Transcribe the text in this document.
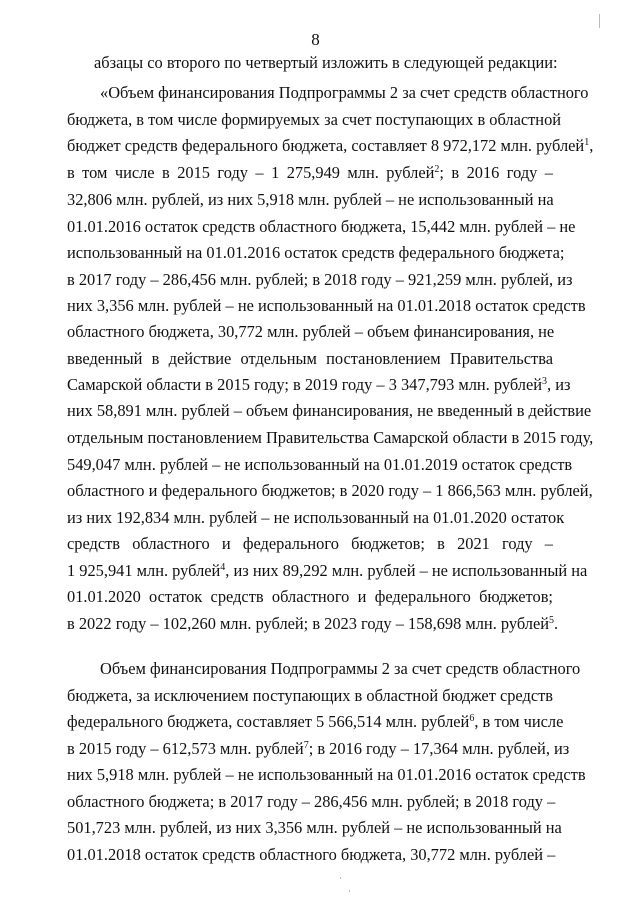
8
абзацы со второго по четвертый изложить в следующей редакции:
«Объем финансирования Подпрограммы 2 за счет средств областного
бюджета, в том числе формируемых за счет поступающих в областной
бюджет средств федерального бюджета, составляет 8 972,172 млн. рублей$^1$,
в том числе в 2015 году – 1 275,949 млн. рублей$^2$; в 2016 году –
32,806 млн. рублей, из них 5,918 млн. рублей – не использованный на
01.01.2016 остаток средств областного бюджета, 15,442 млн. рублей – не
использованный на 01.01.2016 остаток средств федерального бюджета;
в 2017 году – 286,456 млн. рублей; в 2018 году – 921,259 млн. рублей, из
них 3,356 млн. рублей – не использованный на 01.01.2018 остаток средств
областного бюджета, 30,772 млн. рублей – объем финансирования, не
введенный в действие отдельным постановлением Правительства
Самарской области в 2015 году; в 2019 году – 3 347,793 млн. рублей$^3$, из
них 58,891 млн. рублей – объем финансирования, не введенный в действие
отдельным постановлением Правительства Самарской области в 2015 году,
549,047 млн. рублей – не использованный на 01.01.2019 остаток средств
областного и федерального бюджетов; в 2020 году – 1 866,563 млн. рублей,
из них 192,834 млн. рублей – не использованный на 01.01.2020 остаток
средств областного и федерального бюджетов; в 2021 году –
1 925,941 млн. рублей$^4$, из них 89,292 млн. рублей – не использованный на
01.01.2020 остаток средств областного и федерального бюджетов;
в 2022 году – 102,260 млн. рублей; в 2023 году – 158,698 млн. рублей$^5$.
Объем финансирования Подпрограммы 2 за счет средств областного
бюджета, за исключением поступающих в областной бюджет средств
федерального бюджета, составляет 5 566,514 млн. рублей$^6$, в том числе
в 2015 году – 612,573 млн. рублей$^7$; в 2016 году – 17,364 млн. рублей, из
них 5,918 млн. рублей – не использованный на 01.01.2016 остаток средств
областного бюджета; в 2017 году – 286,456 млн. рублей; в 2018 году –
501,723 млн. рублей, из них 3,356 млн. рублей – не использованный на
01.01.2018 остаток средств областного бюджета, 30,772 млн. рублей –
